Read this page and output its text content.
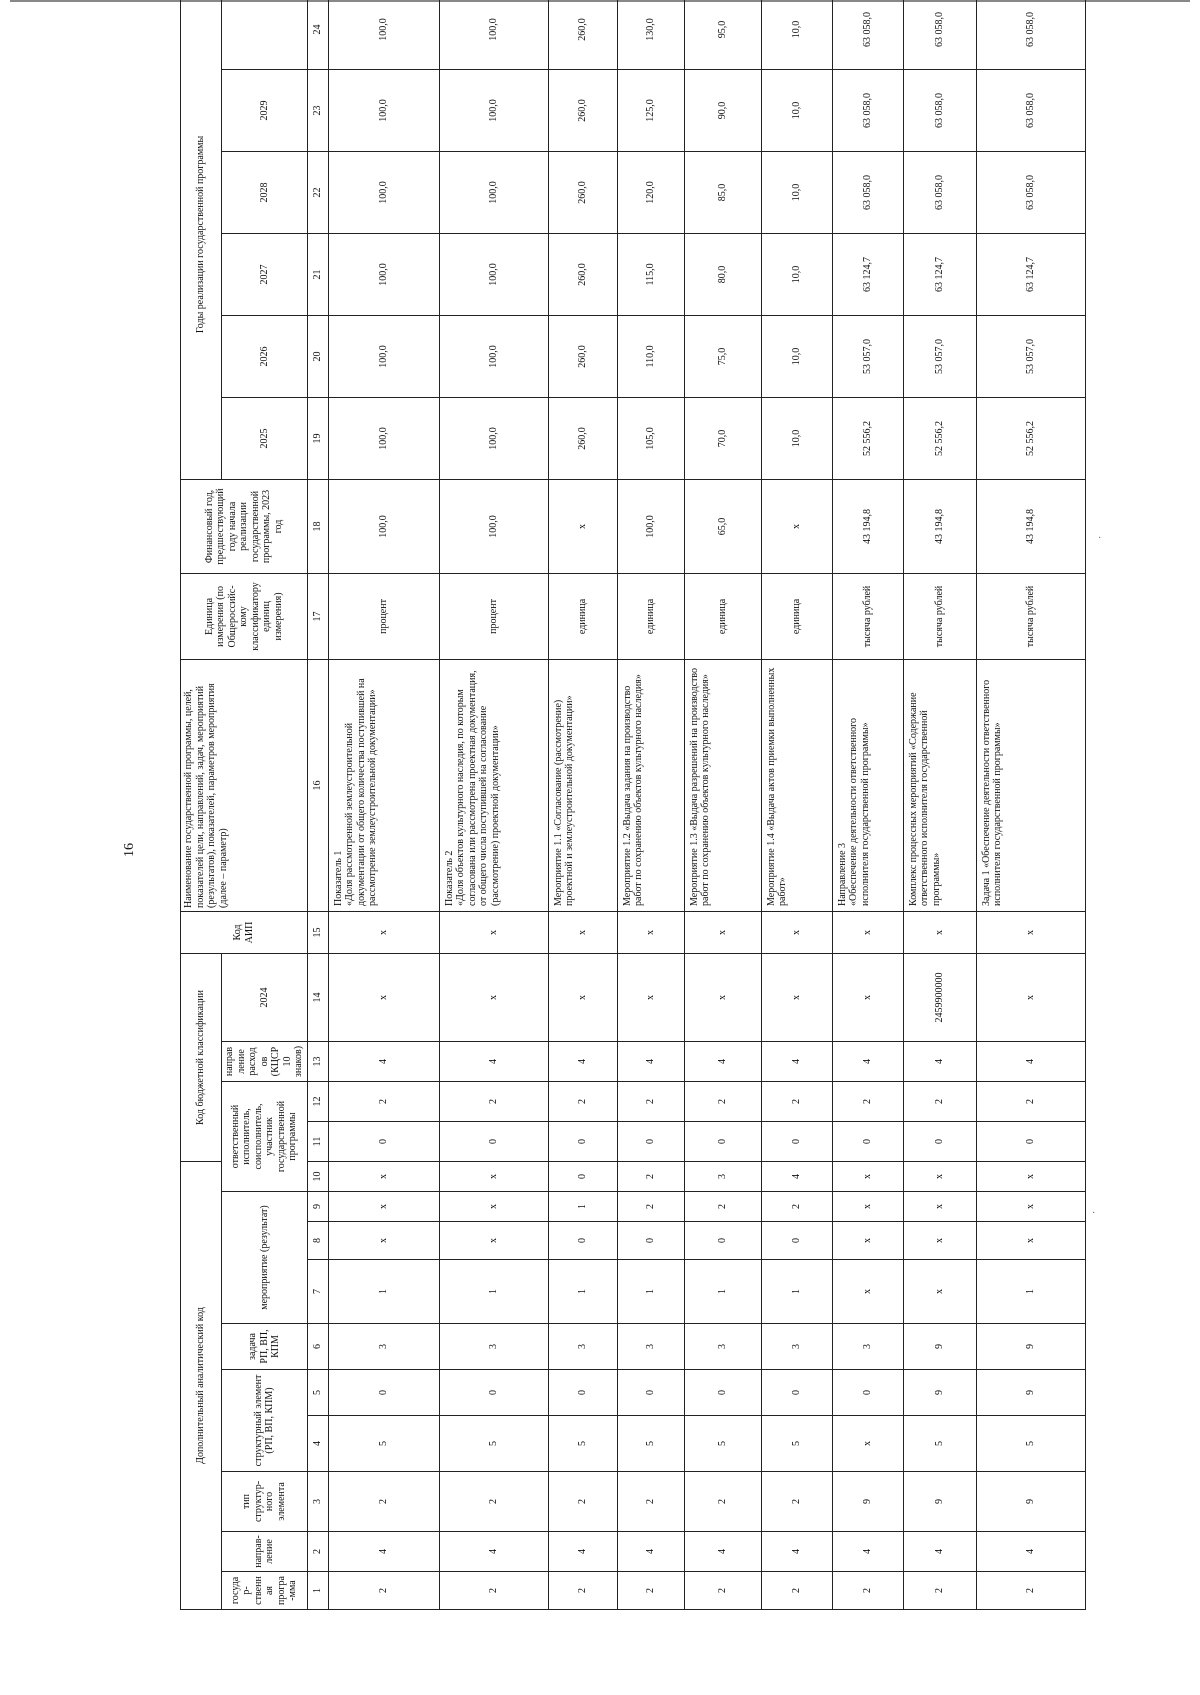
·
·
16
Дополнительный аналитический код										Код бюджетной классификации				Код АИП	Наименование государственной программы, целей, показателей цели, направлений, задач, мероприятий (результатов), показателей, параметров мероприятия (далее – параметр)	Единица измерения (по Общероссийс-кому классификатору единиц измерения)	Финансовый год, предшествующий году начала реализации государственной программы, 2023 год	Годы реализации государственной программы					
государ-ственная програ-мма	направ-ление	тип структур-ного элемента	структурный элемент (РП, ВП, КПМ)		задача РП, ВП, КПМ	мероприятие (результат)			ответственный исполнитель, соисполнитель, участник государственной программы			направление расходов (КЦСР 10 знаков)	2024					2025	2026	2027	2028	2029	
1	2	3	4	5	6	7	8	9	10	11	12	13	14	15	16	17	18	19	20	21	22	23	24
2	4	2	5	0	3	1	х	х	х	0	2	4	х	х	Показатель 1 «Доля рассмотренной землеустроительной документации от общего количества поступившей на рассмотрение землеустроительной документации»	процент	100,0	100,0	100,0	100,0	100,0	100,0	100,0
2	4	2	5	0	3	1	х	х	х	0	2	4	х	х	Показатель 2 «Доля объектов культурного наследия, по которым согласована или рассмотрена проектная документация, от общего числа поступившей на согласование (рассмотрение) проектной документации»	процент	100,0	100,0	100,0	100,0	100,0	100,0	100,0
2	4	2	5	0	3	1	0	1	0	0	2	4	х	х	Мероприятие 1.1 «Согласование (рассмотрение) проектной и землеустроительной документации»	единица	х	260,0	260,0	260,0	260,0	260,0	260,0
2	4	2	5	0	3	1	0	2	2	0	2	4	х	х	Мероприятие 1.2 «Выдача задания на производство работ по сохранению объектов культурного наследия»	единица	100,0	105,0	110,0	115,0	120,0	125,0	130,0
2	4	2	5	0	3	1	0	2	3	0	2	4	х	х	Мероприятие 1.3 «Выдача разрешений на производство работ по сохранению объектов культурного наследия»	единица	65,0	70,0	75,0	80,0	85,0	90,0	95,0
2	4	2	5	0	3	1	0	2	4	0	2	4	х	х	Мероприятие 1.4 «Выдача актов приемки выполненных работ»	единица	х	10,0	10,0	10,0	10,0	10,0	10,0
2	4	9	х	0	3	х	х	х	х	0	2	4	х	х	Направление 3 «Обеспечение деятельности ответственного исполнителя государственной программы»	тысяча рублей	43 194,8	52 556,2	53 057,0	63 124,7	63 058,0	63 058,0	63 058,0
2	4	9	5	9	9	х	х	х	х	0	2	4	2459900000	х	Комплекс процессных мероприятий «Содержание ответственного исполнителя государственной программы»	тысяча рублей	43 194,8	52 556,2	53 057,0	63 124,7	63 058,0	63 058,0	63 058,0
2	4	9	5	9	9	1	х	х	х	0	2	4	х	х	Задача 1 «Обеспечение деятельности ответственного исполнителя государственной программы»	тысяча рублей	43 194,8	52 556,2	53 057,0	63 124,7	63 058,0	63 058,0	63 058,0
